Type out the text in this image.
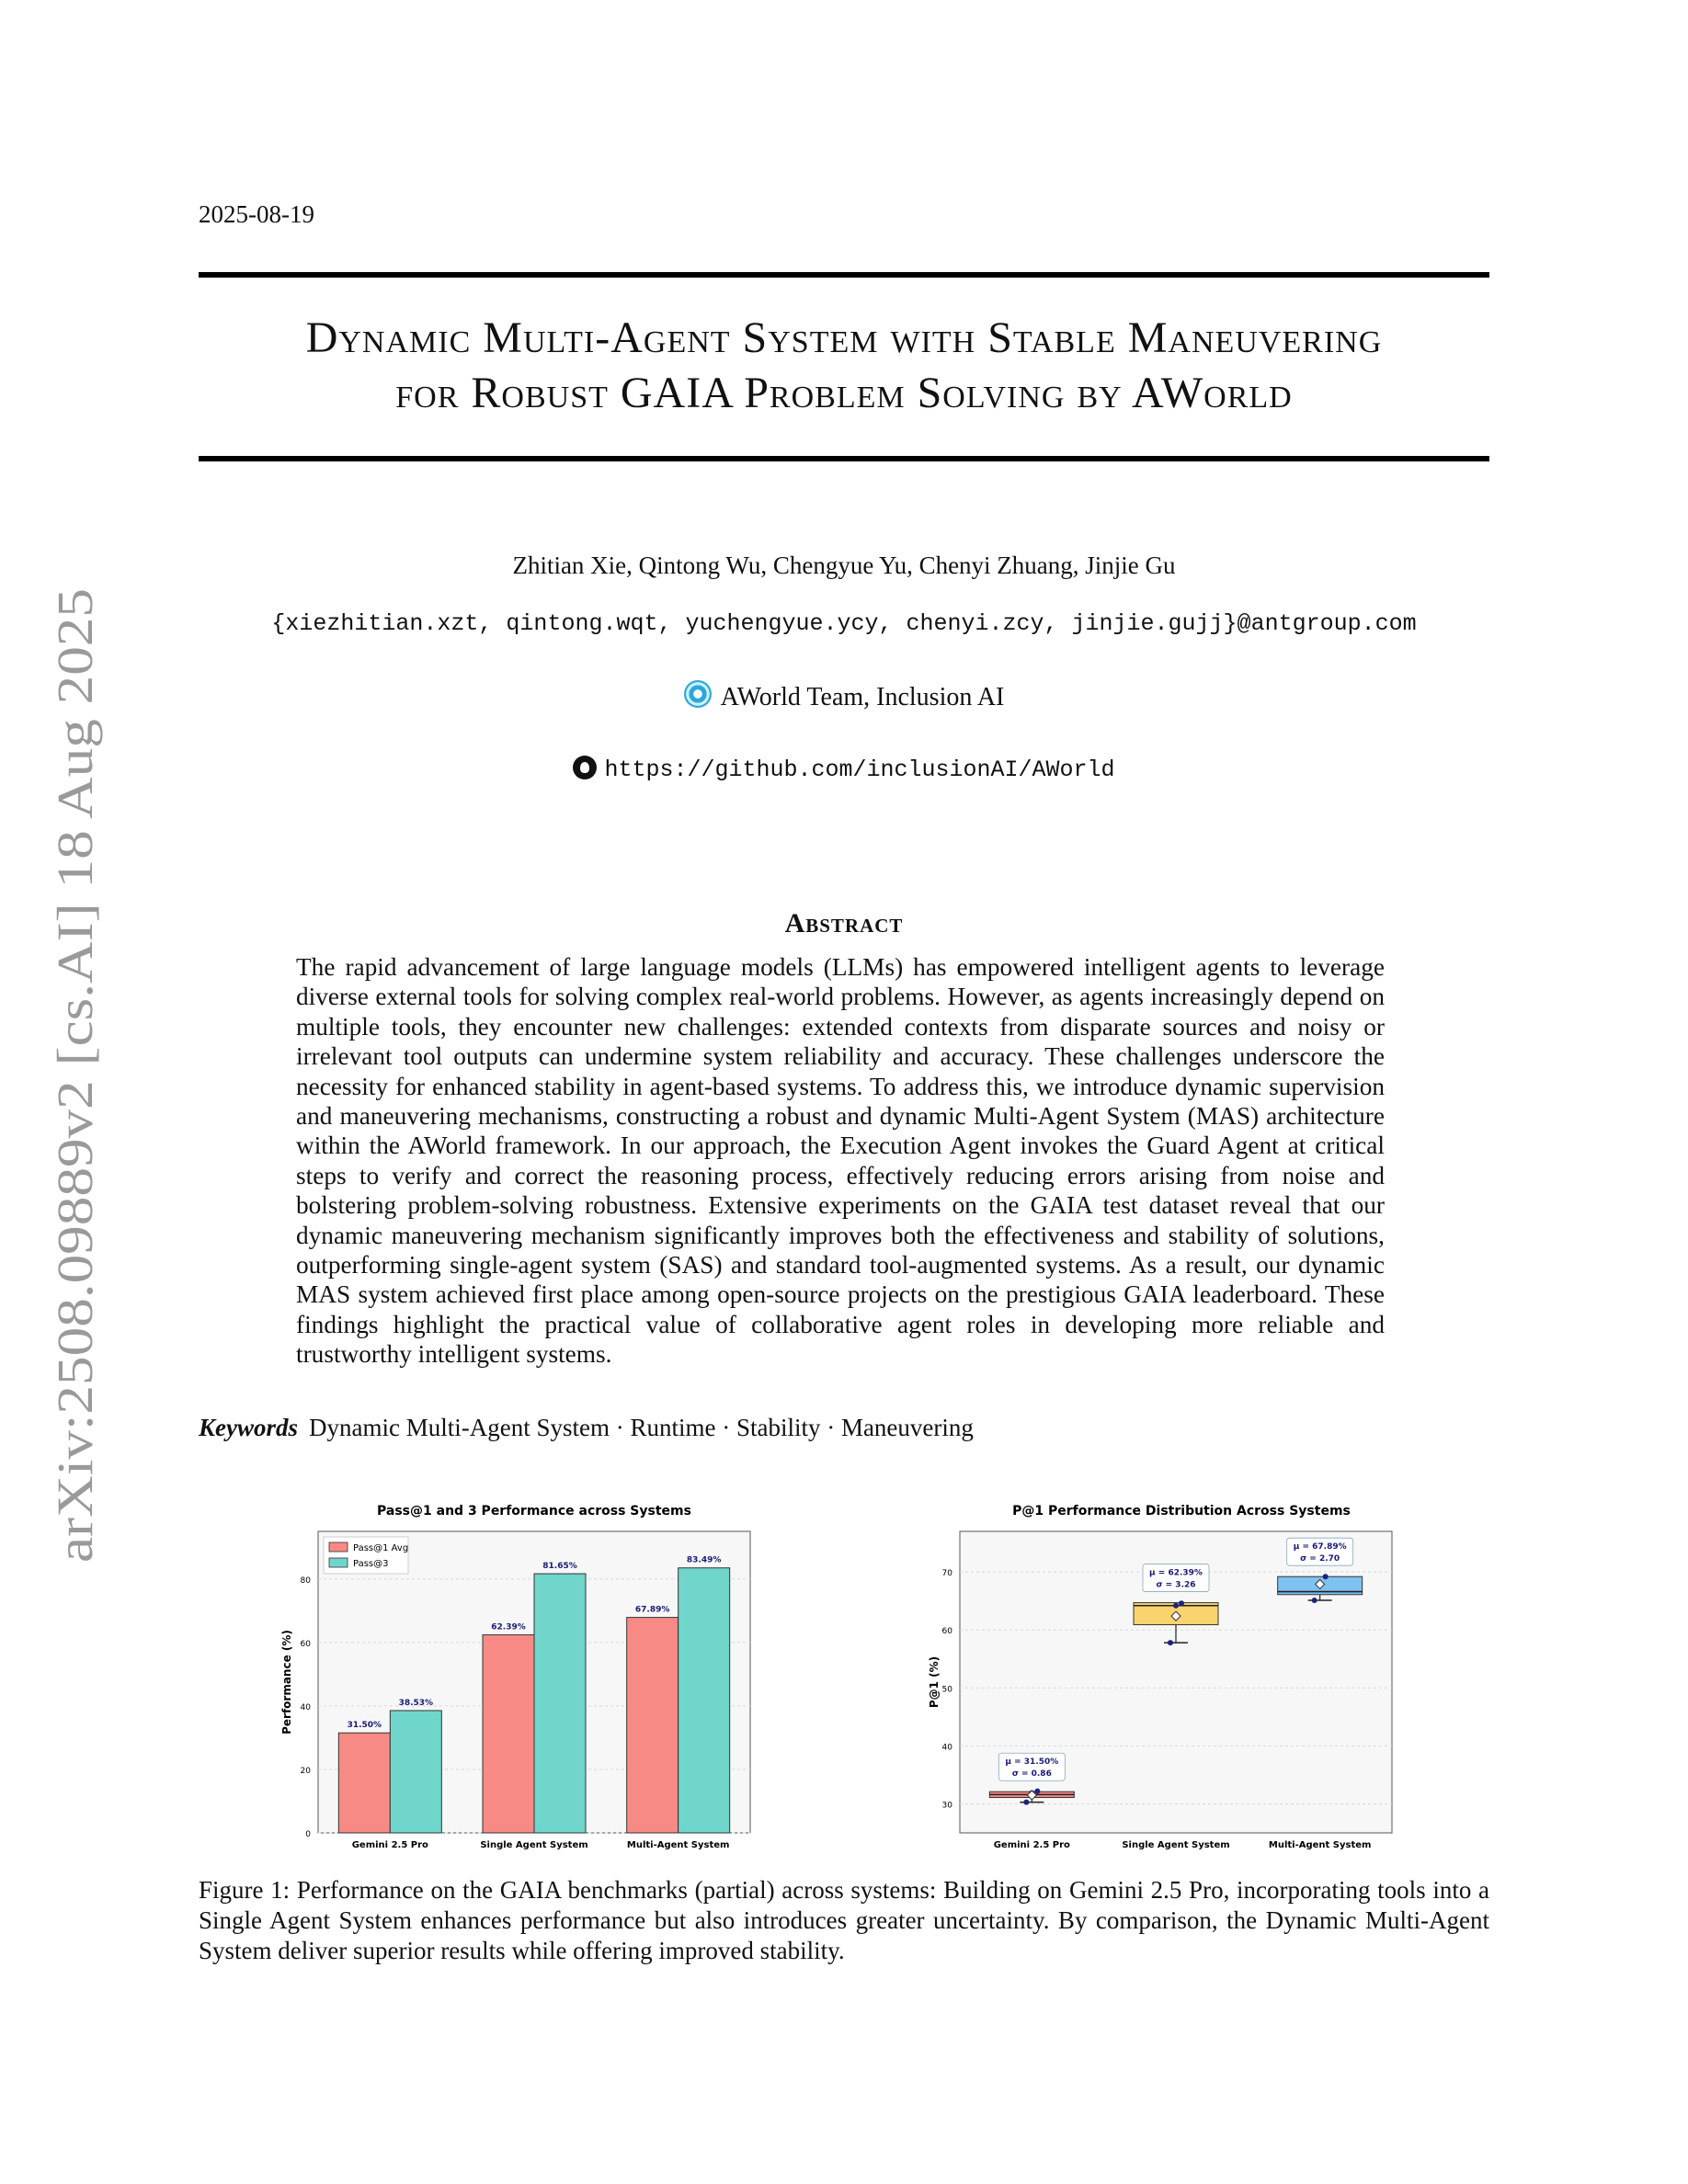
2025-08-19
Dynamic Multi-Agent System with Stable Maneuvering
for Robust GAIA Problem Solving by AWorld
Zhitian Xie, Qintong Wu, Chengyue Yu, Chenyi Zhuang, Jinjie Gu
{xiezhitian.xzt, qintong.wqt, yuchengyue.ycy, chenyi.zcy, jinjie.gujj}@antgroup.com
AWorld Team, Inclusion AI
https://github.com/inclusionAI/AWorld
arXiv:2508.09889v2 [cs.AI] 18 Aug 2025	Abstract
The rapid advancement of large language models (LLMs) has empowered intelligent agents to leverage diverse external tools for solving complex real-world problems. However, as agents increasingly depend on multiple tools, they encounter new challenges: extended contexts from disparate sources and noisy or irrelevant tool outputs can undermine system reliability and accuracy. These challenges underscore the necessity for enhanced stability in agent-based systems. To address this, we introduce dynamic supervision and maneuvering mechanisms, constructing a robust and dynamic Multi-Agent System (MAS) architecture within the AWorld framework. In our approach, the Execution Agent invokes the Guard Agent at critical steps to verify and correct the reasoning process, effectively reducing errors arising from noise and bolstering problem-solving robustness. Extensive experiments on the GAIA test dataset reveal that our dynamic maneuvering mechanism significantly improves both the effectiveness and stability of solutions, outperforming single-agent system (SAS) and standard tool-augmented systems. As a result, our dynamic MAS system achieved first place among open-source projects on the prestigious GAIA leaderboard. These findings highlight the practical value of collaborative agent roles in developing more reliable and trustworthy intelligent systems.
Keywords Dynamic Multi-Agent System · Runtime · Stability · Maneuvering
Pass@1 and 3 Performance across Systems
0
20
40
60
80
31.50%
38.53%
62.39%
81.65%
67.89%
83.49%
Gemini 2.5 Pro	Single Agent System	Multi-Agent System
Performance (%)
Pass@1 Avg
Pass@3
P@1 Performance Distribution Across Systems
30
40
50
60
70
μ = 31.50%
σ = 0.86
μ = 62.39%
σ = 3.26
μ = 67.89%
σ = 2.70
Gemini 2.5 Pro	Single Agent System	Multi-Agent System
P@1 (%)
Figure 1: Performance on the GAIA benchmarks (partial) across systems: Building on Gemini 2.5 Pro, incorporating tools into a Single Agent System enhances performance but also introduces greater uncertainty. By comparison, the Dynamic Multi-Agent System deliver superior results while offering improved stability.
